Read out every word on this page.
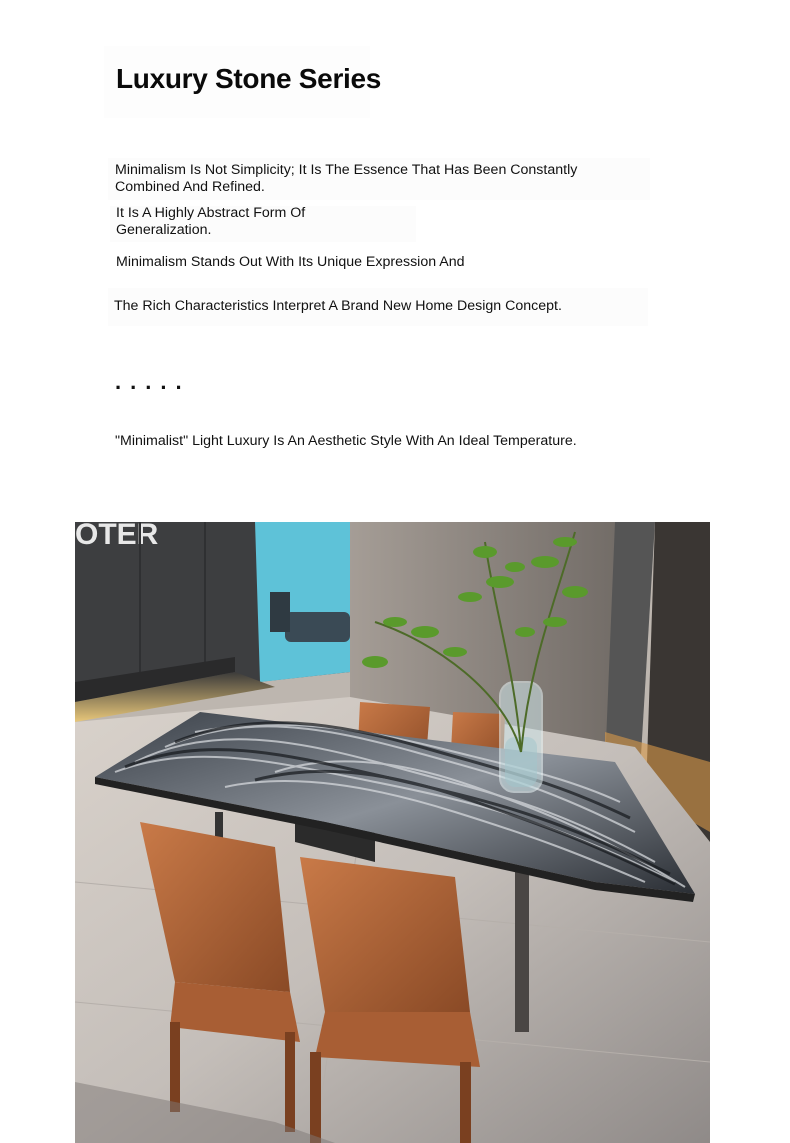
Luxury Stone Series

Minimalism Is Not Simplicity; It Is The Essence That Has Been Constantly Combined And Refined.

It Is A Highly Abstract Form Of Generalization.

Minimalism Stands Out With Its Unique Expression And

The Rich Characteristics Interpret A Brand New Home Design Concept.

.....

"Minimalist" Light Luxury Is An Aesthetic Style With An Ideal Temperature.

OTER
